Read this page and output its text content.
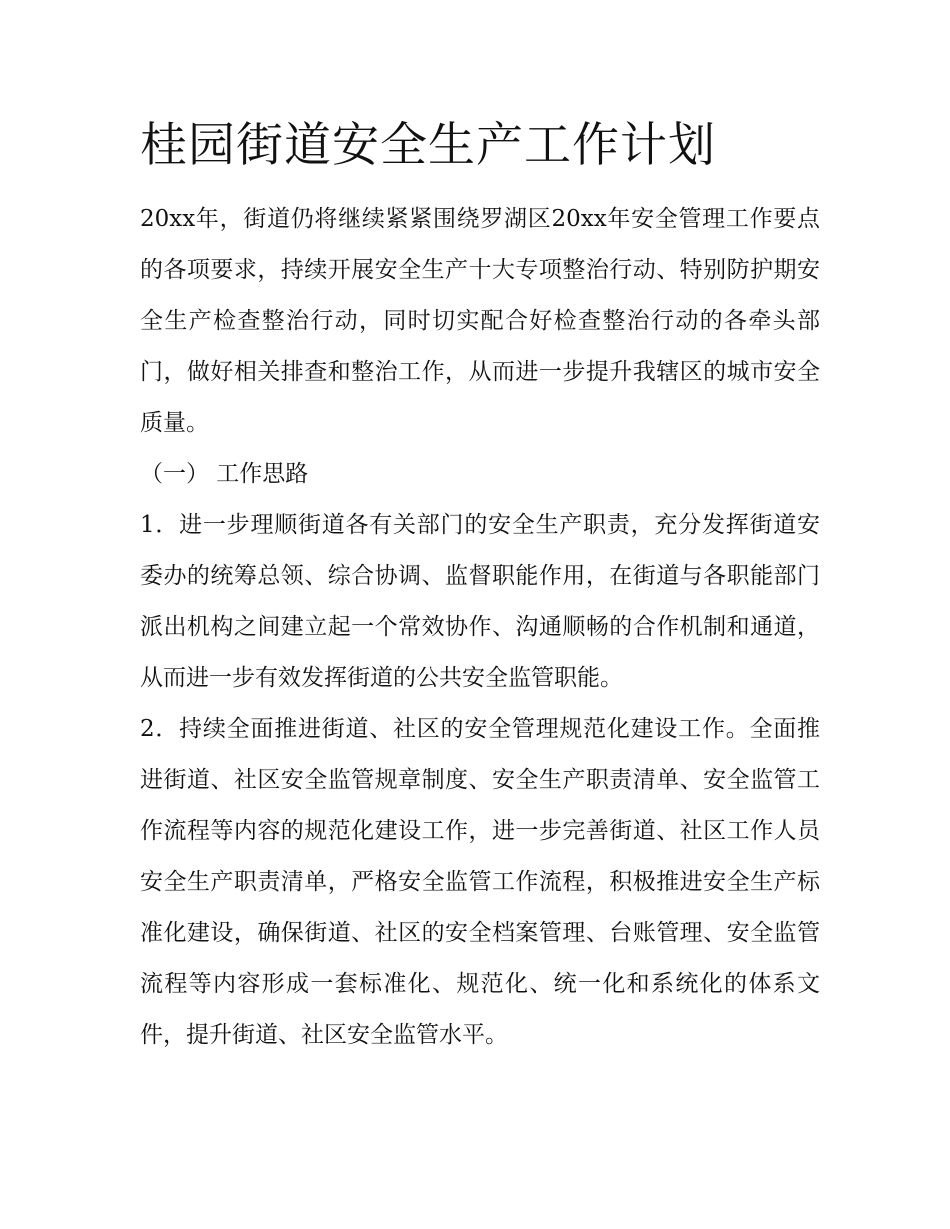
桂园街道安全生产工作计划

20xx年，街道仍将继续紧紧围绕罗湖区20xx年安全管理工作要点的各项要求，持续开展安全生产十大专项整治行动、特别防护期安全生产检查整治行动，同时切实配合好检查整治行动的各牵头部门，做好相关排查和整治工作，从而进一步提升我辖区的城市安全质量。

（一） 工作思路

1．进一步理顺街道各有关部门的安全生产职责，充分发挥街道安委办的统筹总领、综合协调、监督职能作用，在街道与各职能部门派出机构之间建立起一个常效协作、沟通顺畅的合作机制和通道，从而进一步有效发挥街道的公共安全监管职能。

2．持续全面推进街道、社区的安全管理规范化建设工作。全面推进街道、社区安全监管规章制度、安全生产职责清单、安全监管工作流程等内容的规范化建设工作，进一步完善街道、社区工作人员安全生产职责清单，严格安全监管工作流程，积极推进安全生产标准化建设，确保街道、社区的安全档案管理、台账管理、安全监管流程等内容形成一套标准化、规范化、统一化和系统化的体系文件，提升街道、社区安全监管水平。
